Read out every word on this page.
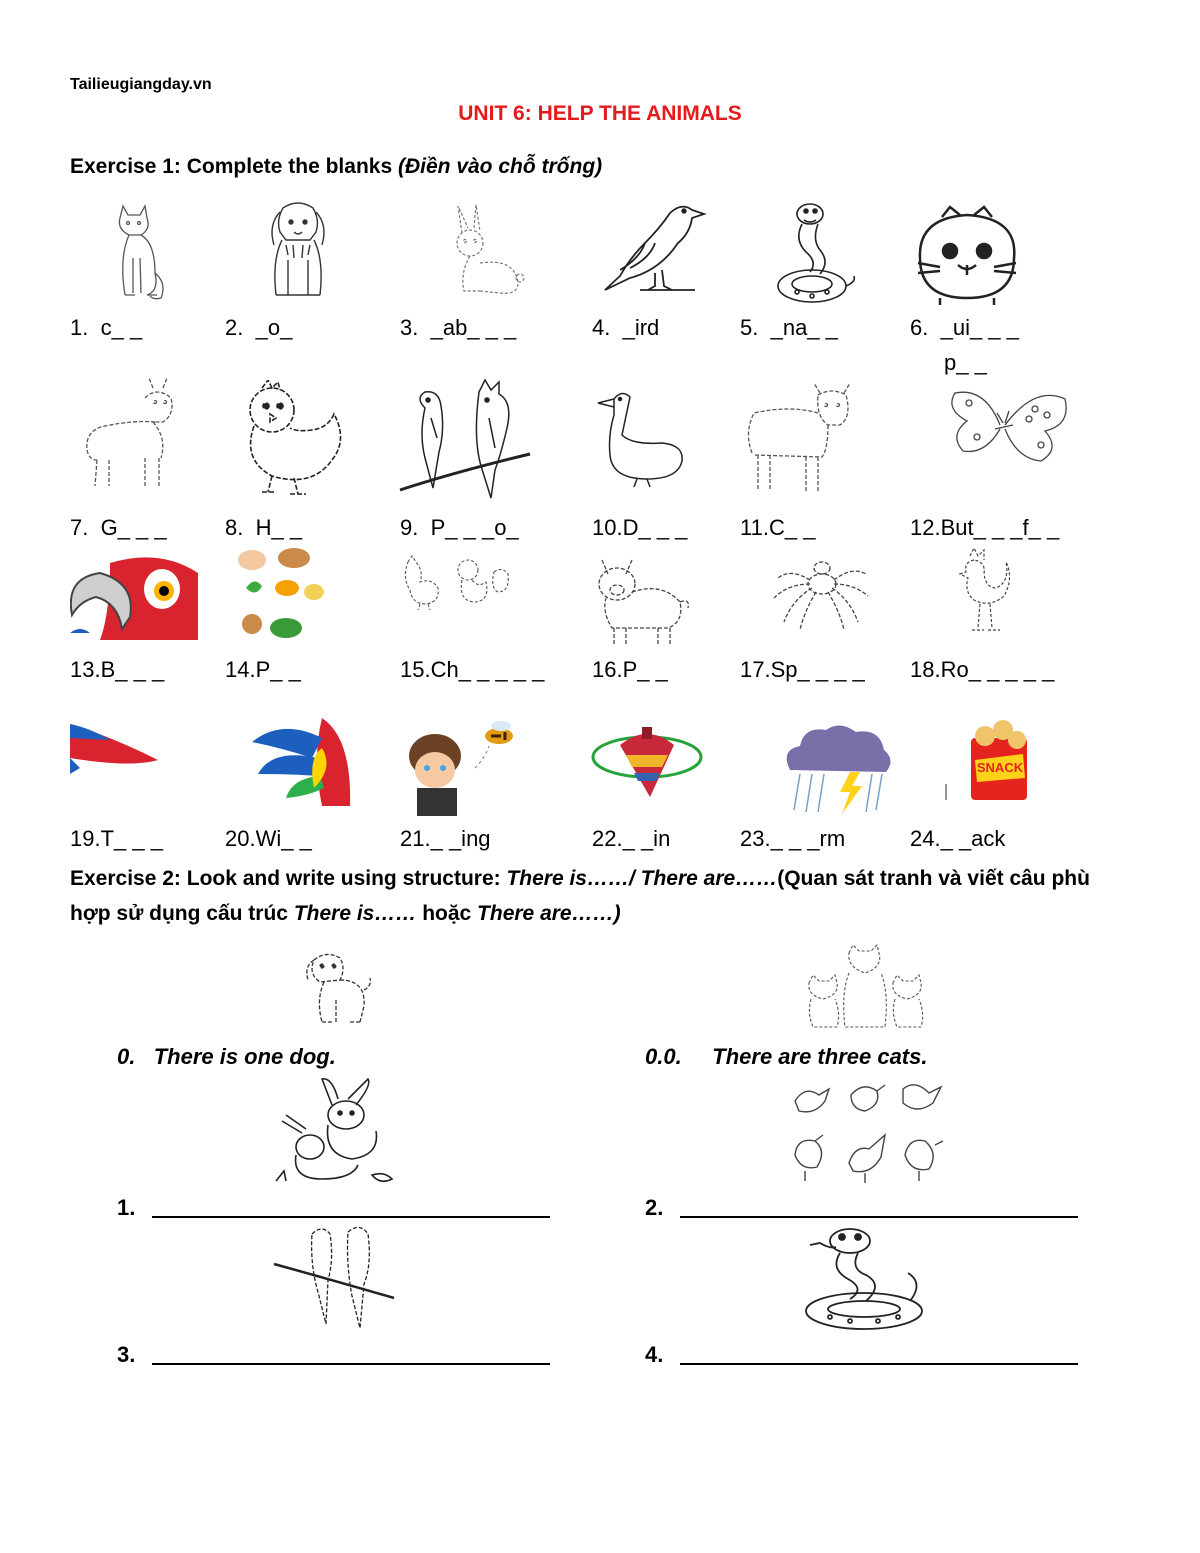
Tailieugiangday.vn
UNIT 6: HELP THE ANIMALS
Exercise 1: Complete the blanks (Điền vào chỗ trống)
SNACK
1. c_ _	2. _o_	3. _ab_ _ _	4. _ird	5. _na_ _	6. _ui_ _ _
p_ _
7. G_ _ _	8. H_ _	9. P_ _ _o_	10.D_ _ _ 11.C_ _	12.But_ _ _f_ _
13.B_ _ _	14.P_ _	15.Ch_ _ _ _ _ 16.P_ _	17.Sp_ _ _ _ 18.Ro_ _ _ _ _
19.T_ _ _	20.Wi_ _	21._ _ing	22._ _in	23._ _ _rm	24._ _ack
Exercise 2: Look and write using structure: There is……/ There are……(Quan sát tranh và viết câu phù hợp sử dụng cấu trúc There is…… hoặc There are……)
0. There is one dog.	0.0. There are three cats.
1.	2.
3.	4.
